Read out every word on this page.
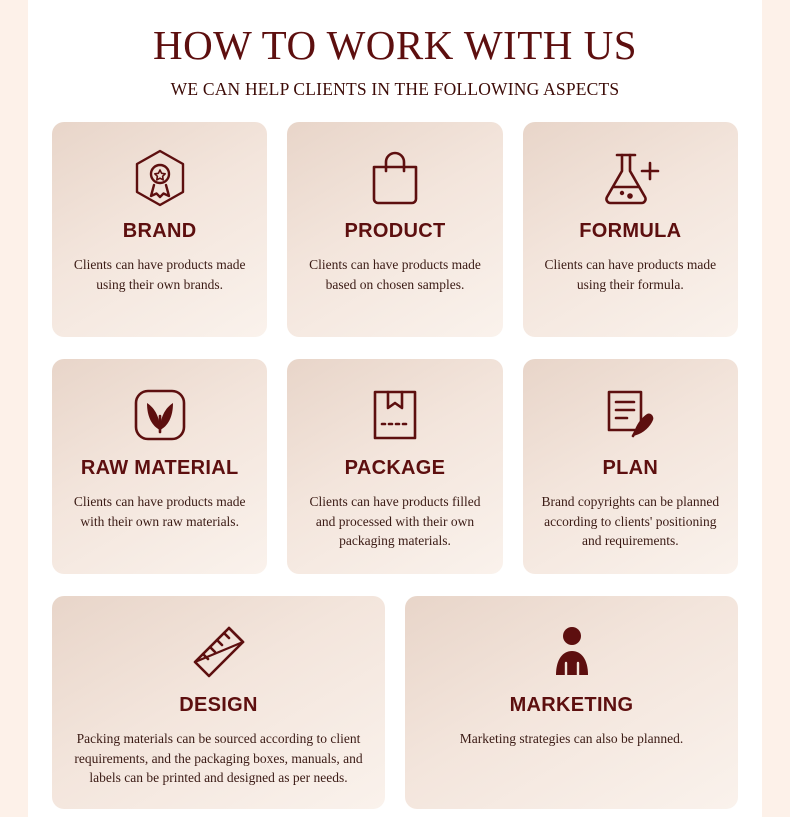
HOW TO WORK WITH US

WE CAN HELP CLIENTS IN THE FOLLOWING ASPECTS

BRAND
Clients can have products made using their own brands.
PRODUCT
Clients can have products made based on chosen samples.
FORMULA
Clients can have products made using their formula.
RAW MATERIAL
Clients can have products made with their own raw materials.
PACKAGE
Clients can have products filled and processed with their own packaging materials.
PLAN
Brand copyrights can be planned according to clients' positioning and requirements.
DESIGN
Packing materials can be sourced according to client requirements, and the packaging boxes, manuals, and labels can be printed and designed as per needs.
MARKETING
Marketing strategies can also be planned.
